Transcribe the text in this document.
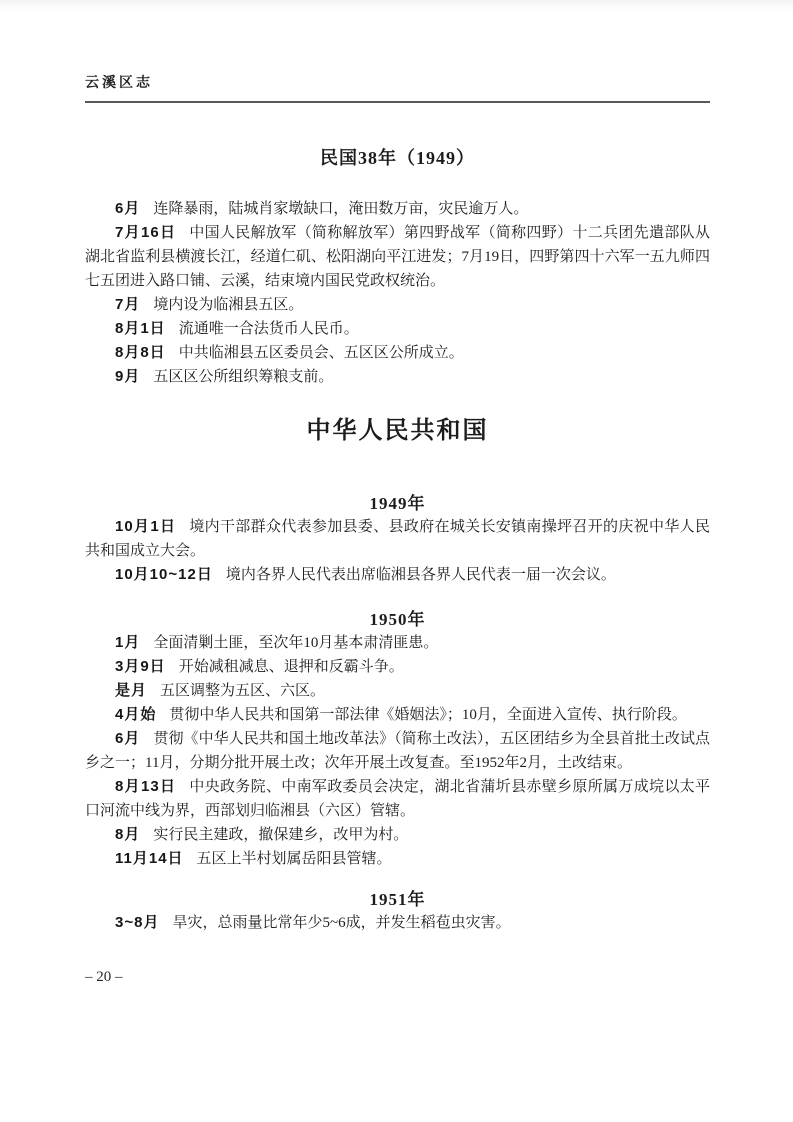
云溪区志
民国38年（1949）

6月 连降暴雨，陆城肖家墩缺口，淹田数万亩，灾民逾万人。

7月16日 中国人民解放军（简称解放军）第四野战军（简称四野）十二兵团先遣部队从湖北省监利县横渡长江，经道仁矶、松阳湖向平江进发；7月19日，四野第四十六军一五九师四七五团进入路口铺、云溪，结束境内国民党政权统治。

7月 境内设为临湘县五区。

8月1日 流通唯一合法货币人民币。

8月8日 中共临湘县五区委员会、五区区公所成立。

9月 五区区公所组织筹粮支前。

中华人民共和国
1949年

10月1日 境内干部群众代表参加县委、县政府在城关长安镇南操坪召开的庆祝中华人民共和国成立大会。

10月10~12日 境内各界人民代表出席临湘县各界人民代表一届一次会议。

1950年

1月 全面清剿土匪，至次年10月基本肃清匪患。

3月9日 开始减租减息、退押和反霸斗争。

是月 五区调整为五区、六区。

4月始 贯彻中华人民共和国第一部法律《婚姻法》；10月，全面进入宣传、执行阶段。

6月 贯彻《中华人民共和国土地改革法》（简称土改法），五区团结乡为全县首批土改试点乡之一；11月，分期分批开展土改；次年开展土改复查。至1952年2月，土改结束。

8月13日 中央政务院、中南军政委员会决定，湖北省蒲圻县赤壁乡原所属万成垸以太平口河流中线为界，西部划归临湘县（六区）管辖。

8月 实行民主建政，撤保建乡，改甲为村。

11月14日 五区上半村划属岳阳县管辖。

1951年

3~8月 旱灾，总雨量比常年少5~6成，并发生稻苞虫灾害。

– 20 –
